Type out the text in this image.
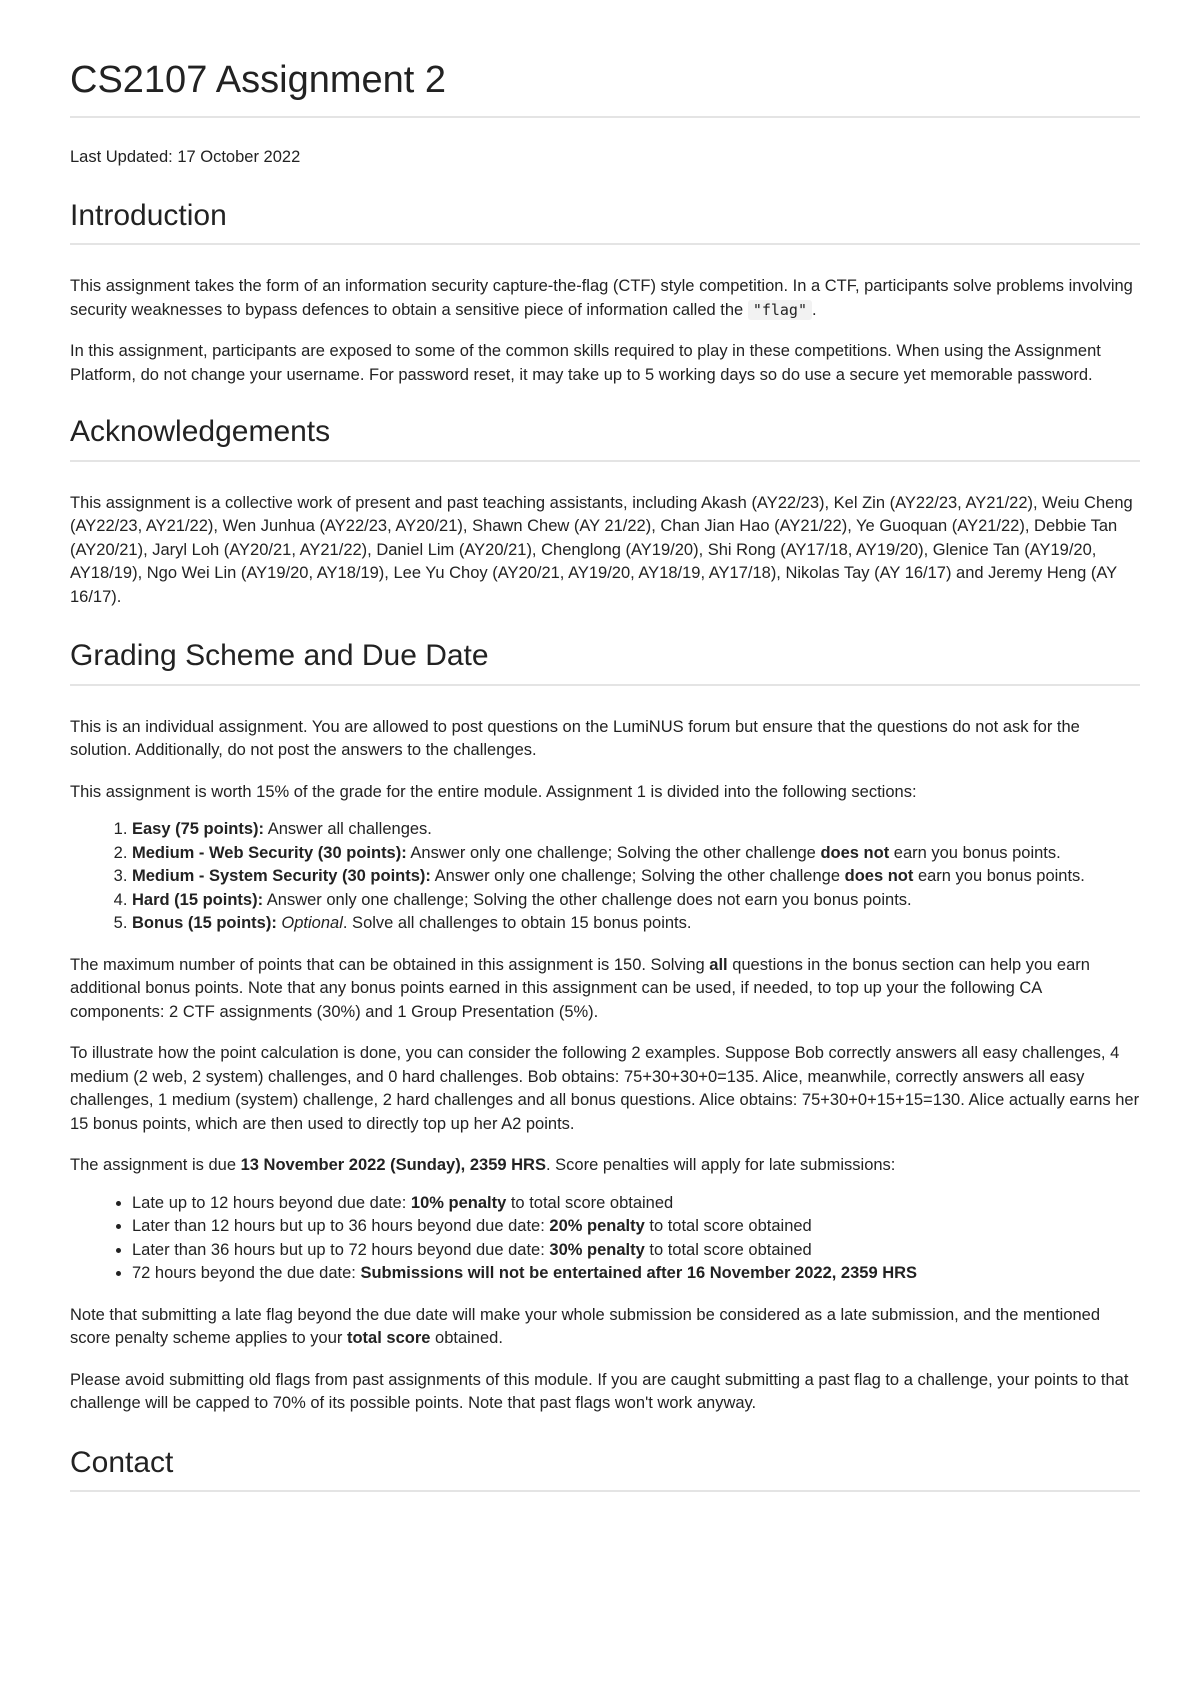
CS2107 Assignment 2

Last Updated: 17 October 2022

Introduction

This assignment takes the form of an information security capture-the-flag (CTF) style competition. In a CTF, participants solve problems involving security weaknesses to bypass defences to obtain a sensitive piece of information called the "flag" .

In this assignment, participants are exposed to some of the common skills required to play in these competitions. When using the Assignment Platform, do not change your username. For password reset, it may take up to 5 working days so do use a secure yet memorable password.

Acknowledgements

This assignment is a collective work of present and past teaching assistants, including Akash (AY22/23), Kel Zin (AY22/23, AY21/22), Weiu Cheng (AY22/23, AY21/22), Wen Junhua (AY22/23, AY20/21), Shawn Chew (AY 21/22), Chan Jian Hao (AY21/22), Ye Guoquan (AY21/22), Debbie Tan (AY20/21), Jaryl Loh (AY20/21, AY21/22), Daniel Lim (AY20/21), Chenglong (AY19/20), Shi Rong (AY17/18, AY19/20), Glenice Tan (AY19/20, AY18/19), Ngo Wei Lin (AY19/20, AY18/19), Lee Yu Choy (AY20/21, AY19/20, AY18/19, AY17/18), Nikolas Tay (AY 16/17) and Jeremy Heng (AY 16/17).

Grading Scheme and Due Date

This is an individual assignment. You are allowed to post questions on the LumiNUS forum but ensure that the questions do not ask for the solution. Additionally, do not post the answers to the challenges.

This assignment is worth 15% of the grade for the entire module. Assignment 1 is divided into the following sections:

1. Easy (75 points): Answer all challenges.
2. Medium - Web Security (30 points): Answer only one challenge; Solving the other challenge does not earn you bonus points.
3. Medium - System Security (30 points): Answer only one challenge; Solving the other challenge does not earn you bonus points.
4. Hard (15 points): Answer only one challenge; Solving the other challenge does not earn you bonus points.
5. Bonus (15 points): Optional. Solve all challenges to obtain 15 bonus points.

The maximum number of points that can be obtained in this assignment is 150. Solving all questions in the bonus section can help you earn additional bonus points. Note that any bonus points earned in this assignment can be used, if needed, to top up your the following CA components: 2 CTF assignments (30%) and 1 Group Presentation (5%).

To illustrate how the point calculation is done, you can consider the following 2 examples. Suppose Bob correctly answers all easy challenges, 4 medium (2 web, 2 system) challenges, and 0 hard challenges. Bob obtains: 75+30+30+0=135. Alice, meanwhile, correctly answers all easy challenges, 1 medium (system) challenge, 2 hard challenges and all bonus questions. Alice obtains: 75+30+0+15+15=130. Alice actually earns her 15 bonus points, which are then used to directly top up her A2 points.

The assignment is due 13 November 2022 (Sunday), 2359 HRS. Score penalties will apply for late submissions:

• Late up to 12 hours beyond due date: 10% penalty to total score obtained
• Later than 12 hours but up to 36 hours beyond due date: 20% penalty to total score obtained
• Later than 36 hours but up to 72 hours beyond due date: 30% penalty to total score obtained
• 72 hours beyond the due date: Submissions will not be entertained after 16 November 2022, 2359 HRS

Note that submitting a late flag beyond the due date will make your whole submission be considered as a late submission, and the mentioned score penalty scheme applies to your total score obtained.

Please avoid submitting old flags from past assignments of this module. If you are caught submitting a past flag to a challenge, your points to that challenge will be capped to 70% of its possible points. Note that past flags won't work anyway.

Contact
